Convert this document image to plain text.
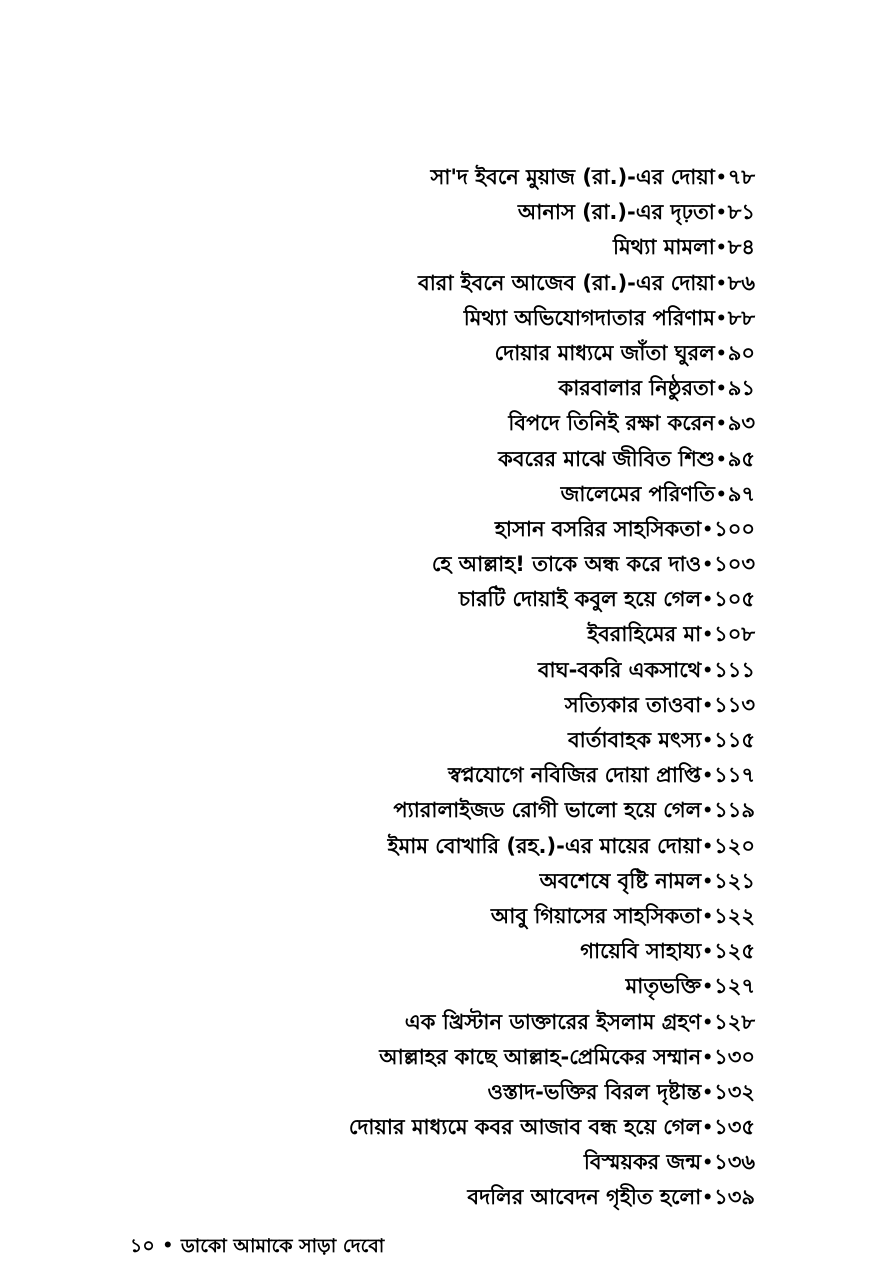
সা'দ ইবনে মুয়াজ (রা.)-এর দোয়া•৭৮
আনাস (রা.)-এর দৃঢ়তা•৮১
মিথ্যা মামলা•৮৪
বারা ইবনে আজেব (রা.)-এর দোয়া•৮৬
মিথ্যা অভিযোগদাতার পরিণাম•৮৮
দোয়ার মাধ্যমে জাঁতা ঘুরল•৯০
কারবালার নিষ্ঠুরতা•৯১
বিপদে তিনিই রক্ষা করেন•৯৩
কবরের মাঝে জীবিত শিশু•৯৫
জালেমের পরিণতি•৯৭
হাসান বসরির সাহসিকতা•১০০
হে আল্লাহ! তাকে অন্ধ করে দাও•১০৩
চারটি দোয়াই কবুল হয়ে গেল•১০৫
ইবরাহিমের মা•১০৮
বাঘ-বকরি একসাথে•১১১
সত্যিকার তাওবা•১১৩
বার্তাবাহক মৎস্য•১১৫
স্বপ্নযোগে নবিজির দোয়া প্রাপ্তি•১১৭
প্যারালাইজড রোগী ভালো হয়ে গেল•১১৯
ইমাম বোখারি (রহ.)-এর মায়ের দোয়া•১২০
অবশেষে বৃষ্টি নামল•১২১
আবু গিয়াসের সাহসিকতা•১২২
গায়েবি সাহায্য•১২৫
মাতৃভক্তি•১২৭
এক খ্রিস্টান ডাক্তারের ইসলাম গ্রহণ•১২৮
আল্লাহর কাছে আল্লাহ-প্রেমিকের সম্মান•১৩০
ওস্তাদ-ভক্তির বিরল দৃষ্টান্ত•১৩২
দোয়ার মাধ্যমে কবর আজাব বন্ধ হয়ে গেল•১৩৫
বিস্ময়কর জন্ম•১৩৬
বদলির আবেদন গৃহীত হলো•১৩৯
১০ • ডাকো আমাকে সাড়া দেবো
